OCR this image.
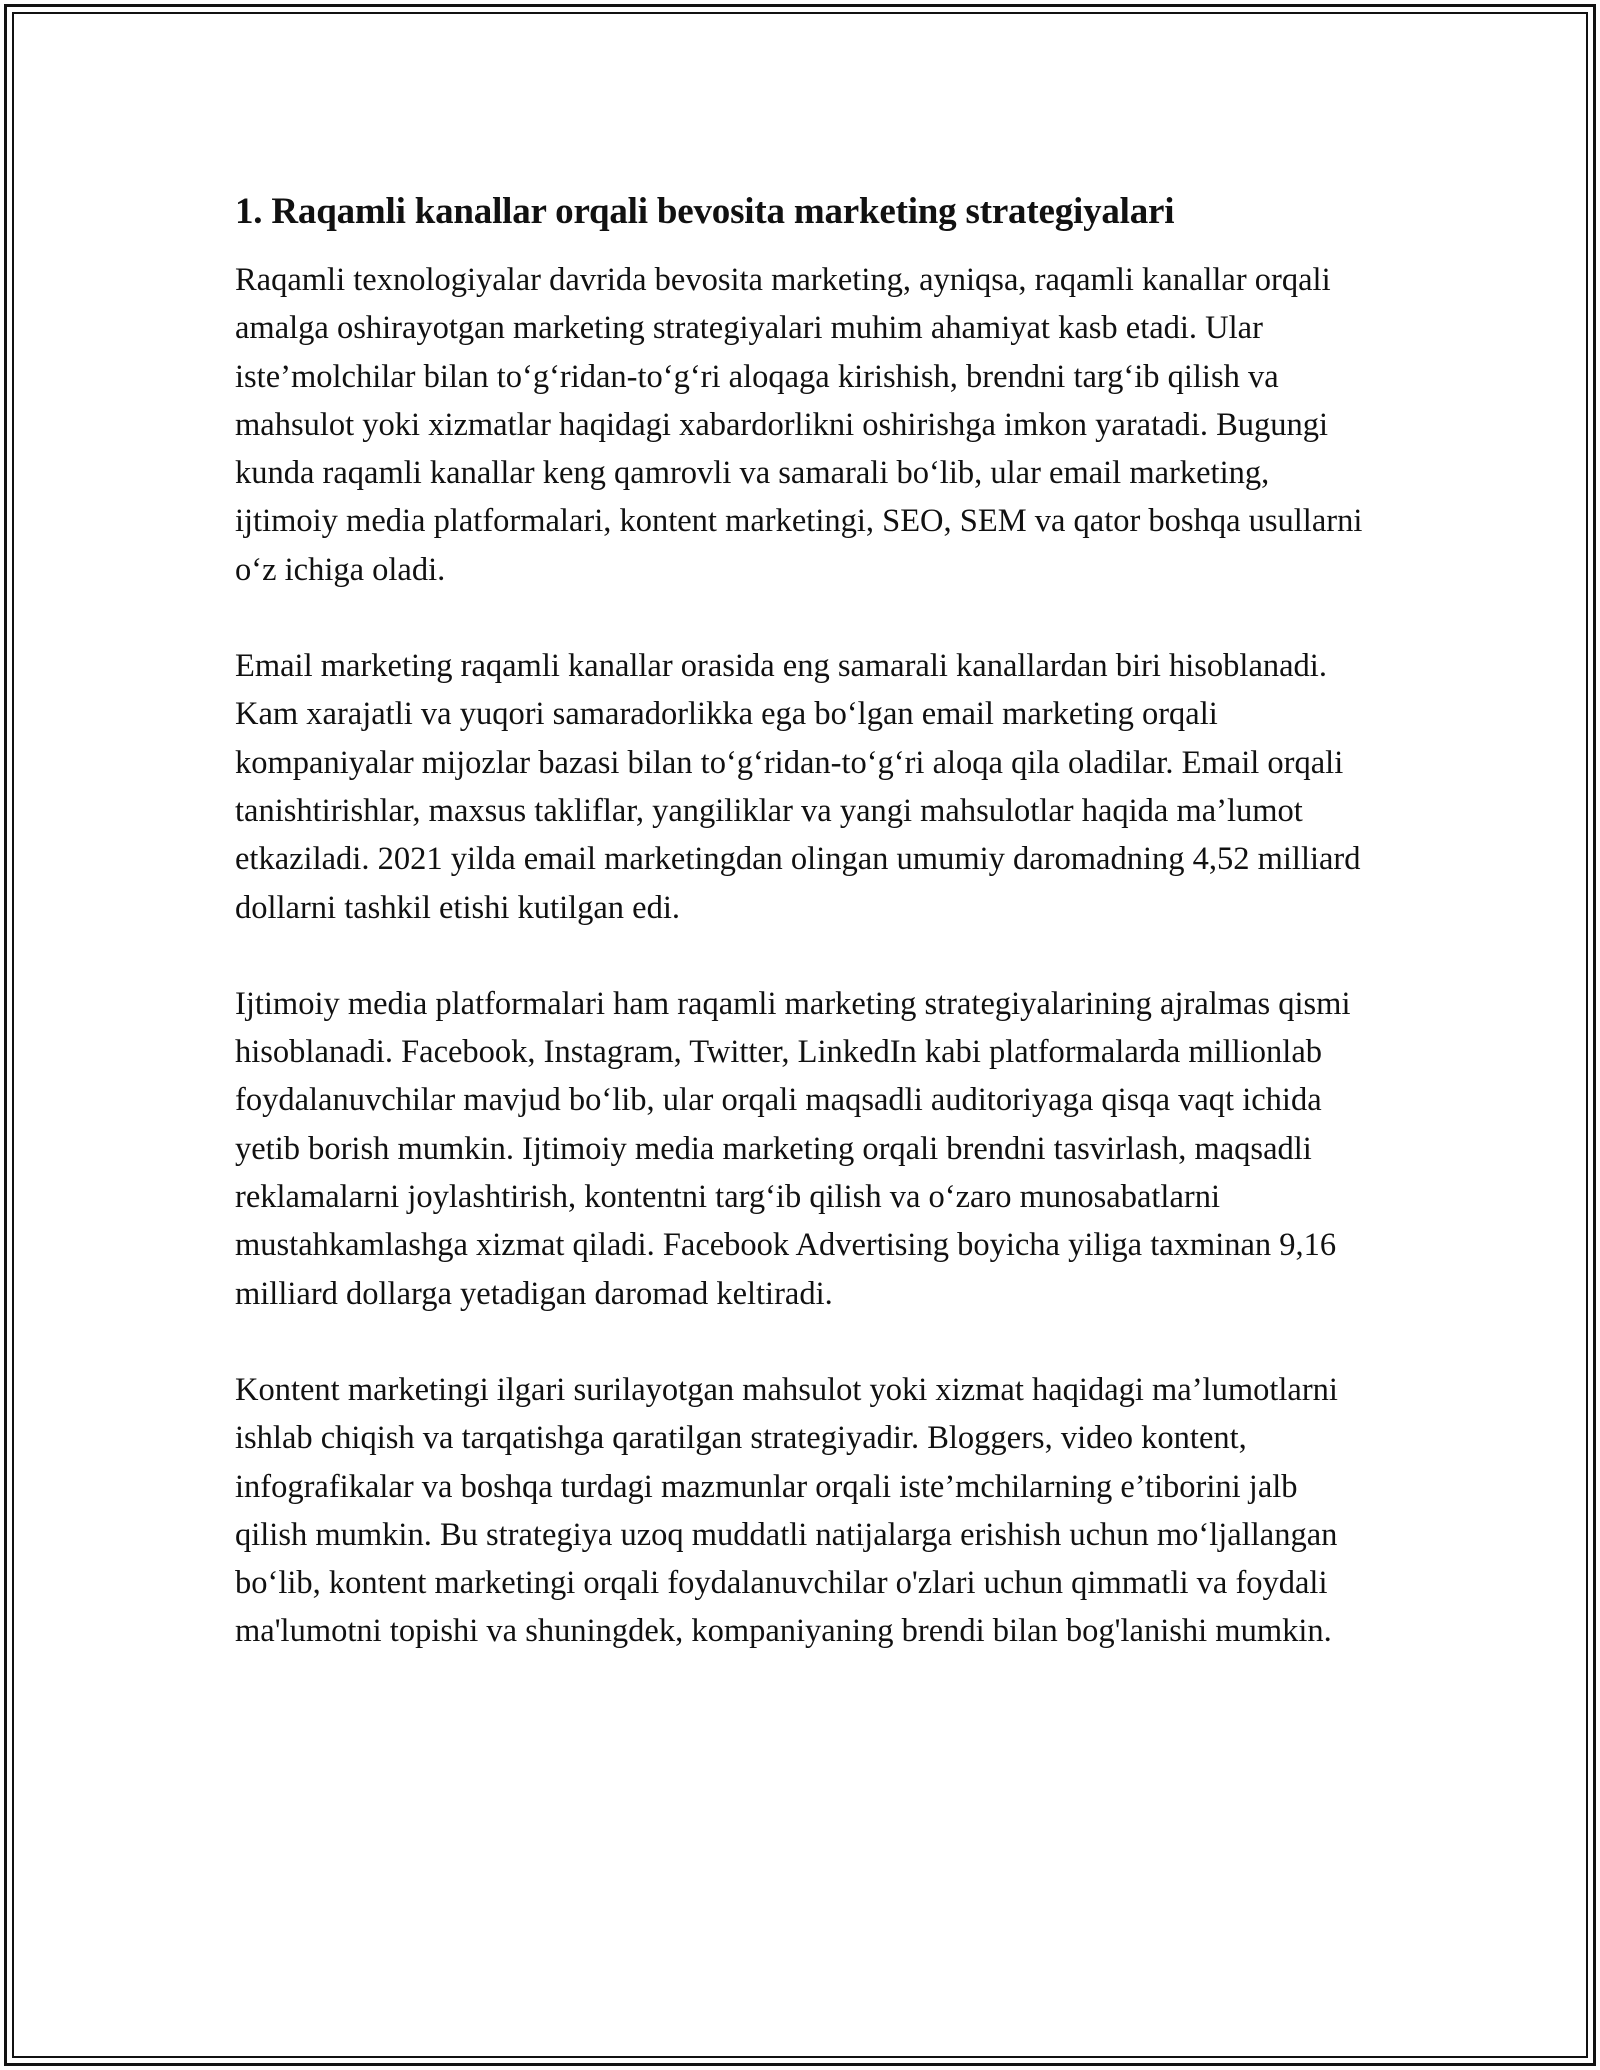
1. Raqamli kanallar orqali bevosita marketing strategiyalari

Raqamli texnologiyalar davrida bevosita marketing, ayniqsa, raqamli kanallar orqali amalga oshirayotgan marketing strategiyalari muhim ahamiyat kasb etadi. Ular iste’molchilar bilan to‘g‘ridan-to‘g‘ri aloqaga kirishish, brendni targ‘ib qilish va mahsulot yoki xizmatlar haqidagi xabardorlikni oshirishga imkon yaratadi. Bugungi kunda raqamli kanallar keng qamrovli va samarali bo‘lib, ular email marketing, ijtimoiy media platformalari, kontent marketingi, SEO, SEM va qator boshqa usullarni o‘z ichiga oladi.

Email marketing raqamli kanallar orasida eng samarali kanallardan biri hisoblanadi. Kam xarajatli va yuqori samaradorlikka ega bo‘lgan email marketing orqali kompaniyalar mijozlar bazasi bilan to‘g‘ridan-to‘g‘ri aloqa qila oladilar. Email orqali tanishtirishlar, maxsus takliflar, yangiliklar va yangi mahsulotlar haqida ma’lumot etkaziladi. 2021 yilda email marketingdan olingan umumiy daromadning 4,52 milliard dollarni tashkil etishi kutilgan edi.

Ijtimoiy media platformalari ham raqamli marketing strategiyalarining ajralmas qismi hisoblanadi. Facebook, Instagram, Twitter, LinkedIn kabi platformalarda millionlab foydalanuvchilar mavjud bo‘lib, ular orqali maqsadli auditoriyaga qisqa vaqt ichida yetib borish mumkin. Ijtimoiy media marketing orqali brendni tasvirlash, maqsadli reklamalarni joylashtirish, kontentni targ‘ib qilish va o‘zaro munosabatlarni mustahkamlashga xizmat qiladi. Facebook Advertising boyicha yiliga taxminan 9,16 milliard dollarga yetadigan daromad keltiradi.

Kontent marketingi ilgari surilayotgan mahsulot yoki xizmat haqidagi ma’lumotlarni ishlab chiqish va tarqatishga qaratilgan strategiyadir. Bloggers, video kontent, infografikalar va boshqa turdagi mazmunlar orqali iste’mchilarning e’tiborini jalb qilish mumkin. Bu strategiya uzoq muddatli natijalarga erishish uchun mo‘ljallangan bo‘lib, kontent marketingi orqali foydalanuvchilar o'zlari uchun qimmatli va foydali ma'lumotni topishi va shuningdek, kompaniyaning brendi bilan bog'lanishi mumkin.
